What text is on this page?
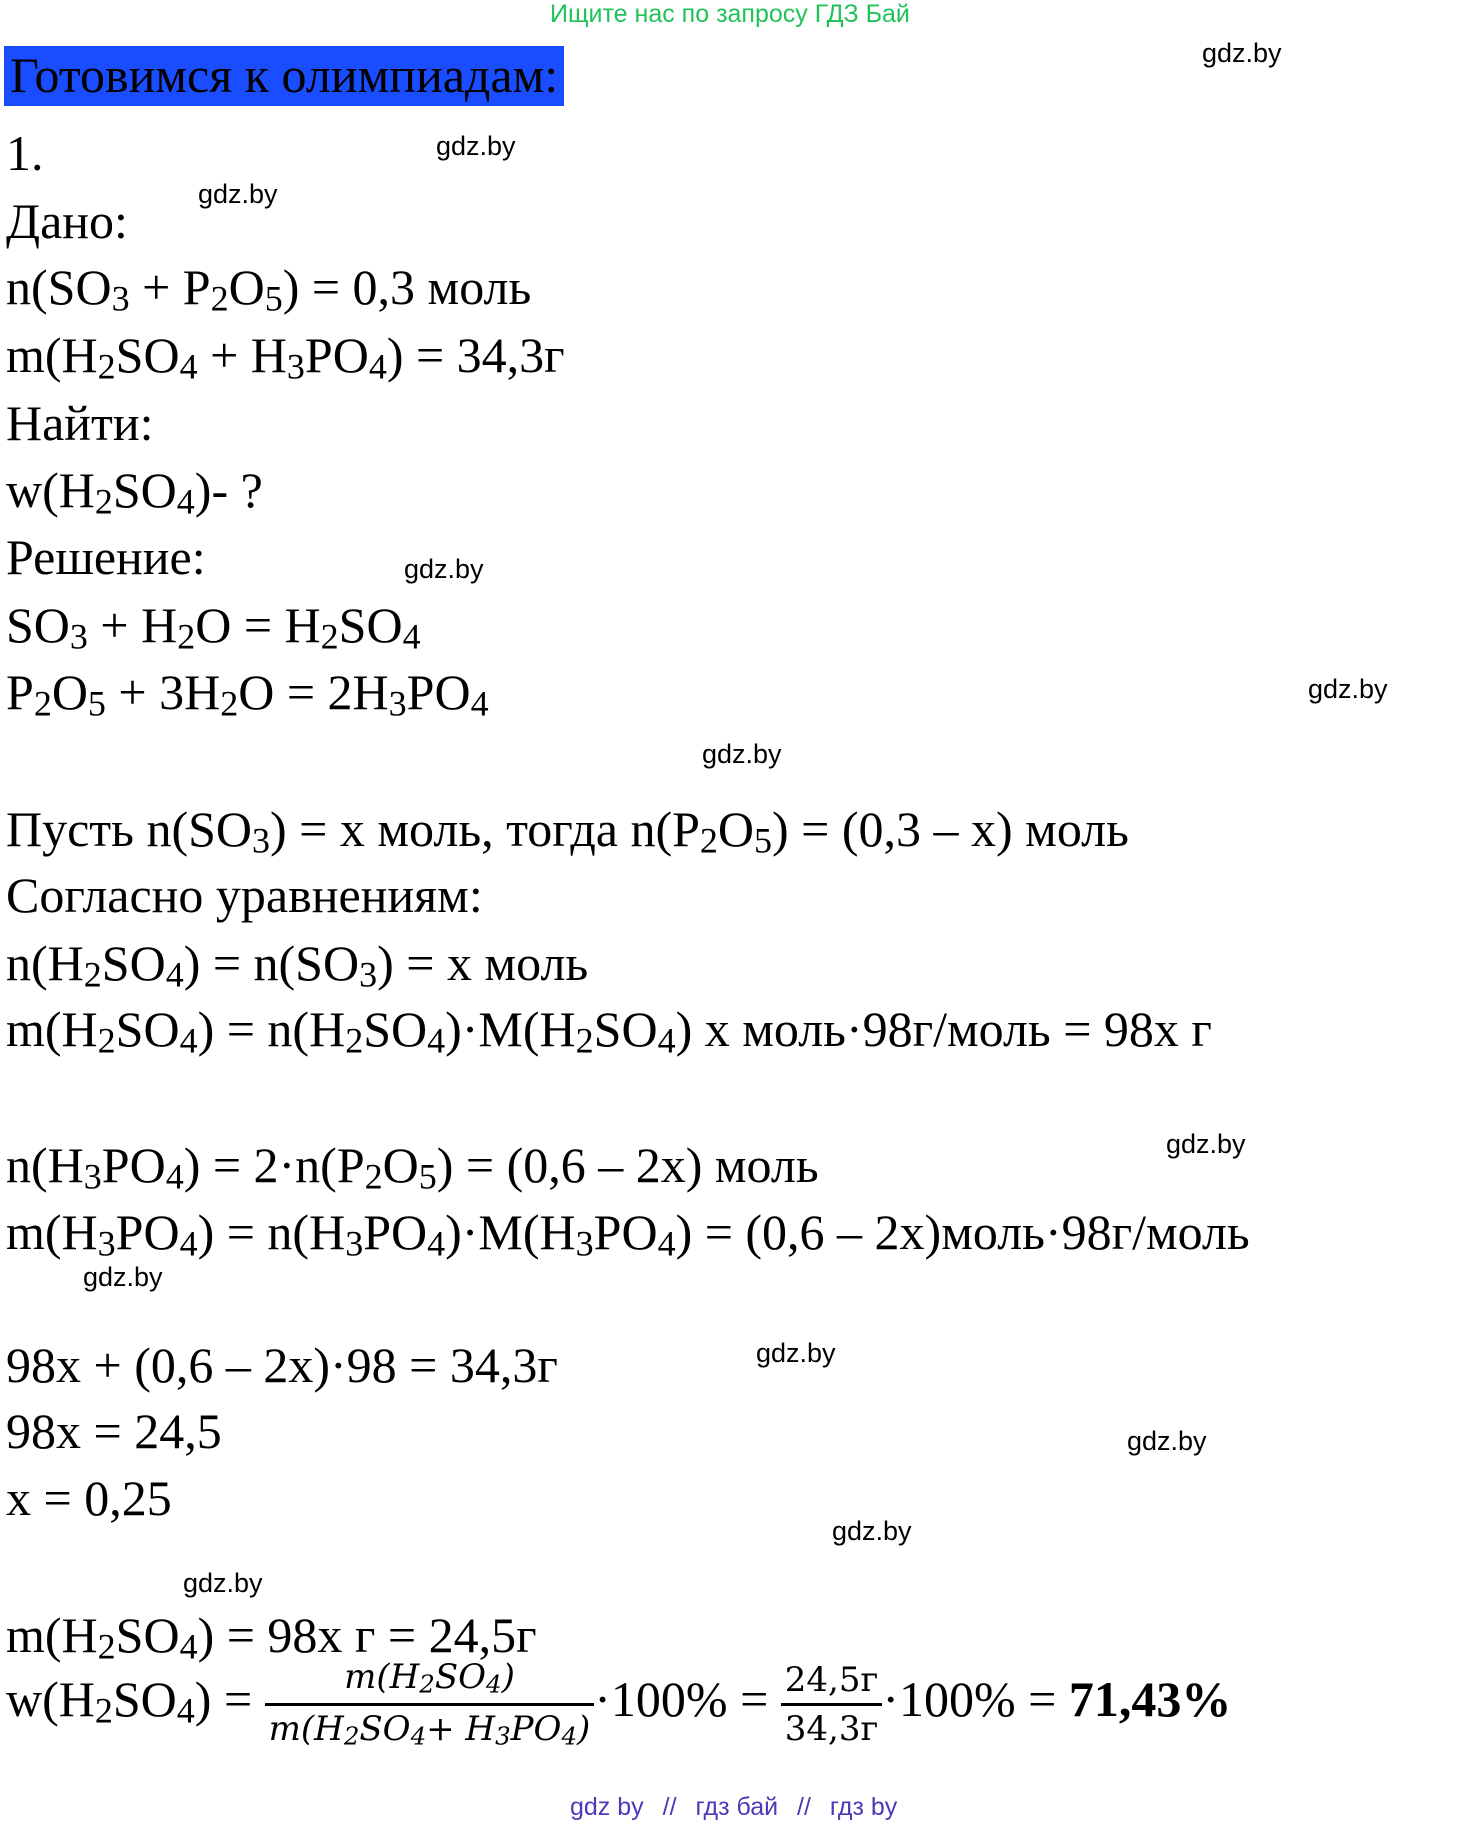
Ищите нас по запросу ГДЗ Бай
Готовимся к олимпиадам:
1.
Дано:
n(SO3 + P2O5) = 0,3 моль
m(H2SO4 + H3PO4) = 34,3г
Найти:
w(H2SO4)- ?
Решение:
SO3 + H2O = H2SO4
P2O5 + 3H2O = 2H3PO4
Пусть n(SO3) = x моль, тогда n(P2O5) = (0,3 – x) моль
Согласно уравнениям:
n(H2SO4) = n(SO3) = x моль
m(H2SO4) = n(H2SO4)·M(H2SO4) x моль·98г/моль = 98x г
n(H3PO4) = 2·n(P2O5) = (0,6 – 2x) моль
m(H3PO4) = n(H3PO4)·M(H3PO4) = (0,6 – 2x)моль·98г/моль
98x + (0,6 – 2x)·98 = 34,3г
98x = 24,5
x = 0,25
m(H2SO4) = 98x г = 24,5г
$w(H2SO4) = \frac{m(H2SO4)}{m(H2SO4+ H3PO4)} \cdot 100\% = \frac{24,5г}{34,3г} \cdot 100\% = 71,43\%$
gdz.by
gdz.by
gdz.by
gdz.by
gdz.by
gdz.by
gdz.by
gdz.by
gdz.by
gdz.by
gdz.by
gdz.by
gdz by // гдз бай // гдз by
